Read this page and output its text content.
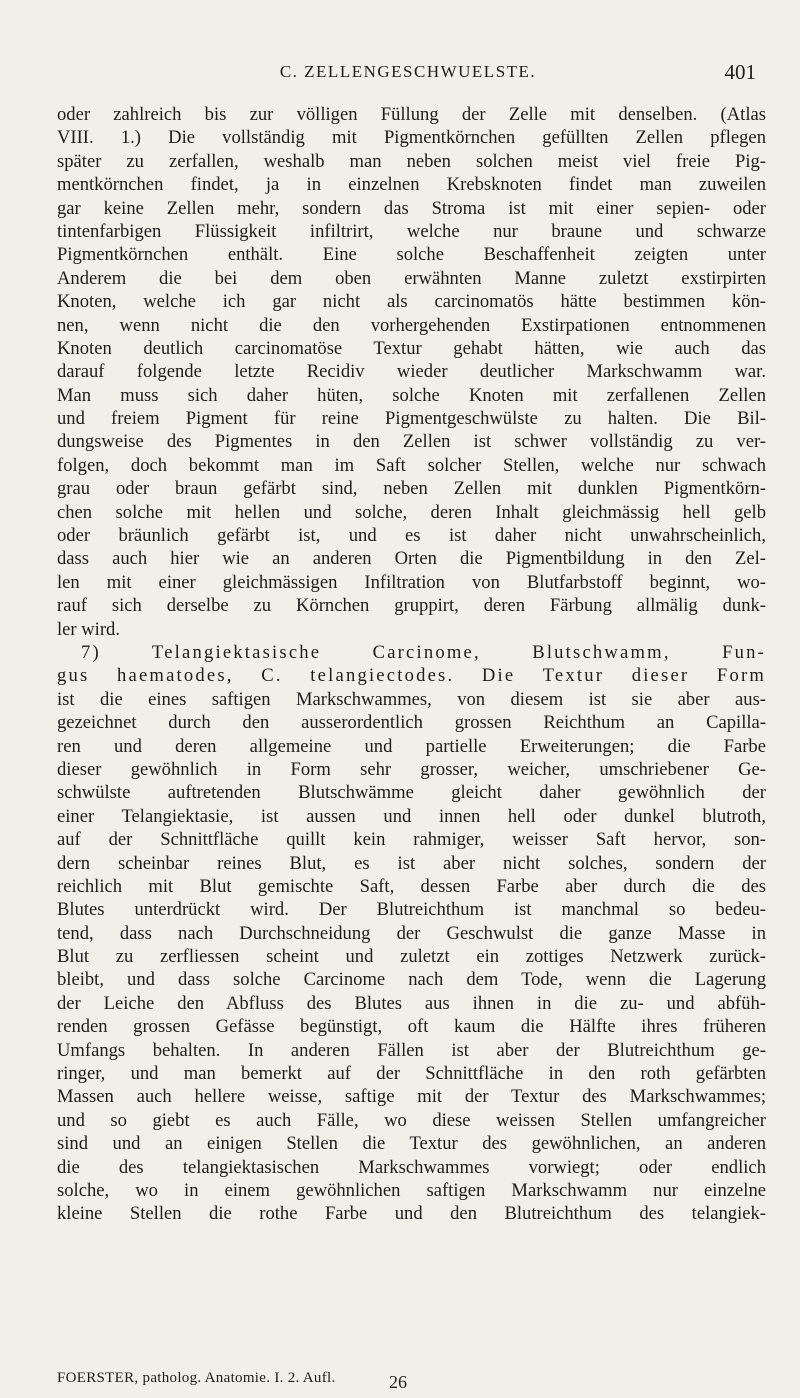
C. ZELLENGESCHWUELSTE.	401
oder zahlreich bis zur völligen Füllung der Zelle mit denselben. (Atlas
VIII. 1.) Die vollständig mit Pigmentkörnchen gefüllten Zellen pflegen
später zu zerfallen, weshalb man neben solchen meist viel freie Pig-
mentkörnchen findet, ja in einzelnen Krebsknoten findet man zuweilen
gar keine Zellen mehr, sondern das Stroma ist mit einer sepien- oder
tintenfarbigen Flüssigkeit infiltrirt, welche nur braune und schwarze
Pigmentkörnchen enthält. Eine solche Beschaffenheit zeigten unter
Anderem die bei dem oben erwähnten Manne zuletzt exstirpirten
Knoten, welche ich gar nicht als carcinomatös hätte bestimmen kön-
nen, wenn nicht die den vorhergehenden Exstirpationen entnommenen
Knoten deutlich carcinomatöse Textur gehabt hätten, wie auch das
darauf folgende letzte Recidiv wieder deutlicher Markschwamm war.
Man muss sich daher hüten, solche Knoten mit zerfallenen Zellen
und freiem Pigment für reine Pigmentgeschwülste zu halten. Die Bil-
dungsweise des Pigmentes in den Zellen ist schwer vollständig zu ver-
folgen, doch bekommt man im Saft solcher Stellen, welche nur schwach
grau oder braun gefärbt sind, neben Zellen mit dunklen Pigmentkörn-
chen solche mit hellen und solche, deren Inhalt gleichmässig hell gelb
oder bräunlich gefärbt ist, und es ist daher nicht unwahrscheinlich,
dass auch hier wie an anderen Orten die Pigmentbildung in den Zel-
len mit einer gleichmässigen Infiltration von Blutfarbstoff beginnt, wo-
rauf sich derselbe zu Körnchen gruppirt, deren Färbung allmälig dunk-
ler wird.
7) Telangiektasische Carcinome, Blutschwamm, Fun-
gus haematodes, C. telangiectodes. Die Textur dieser Form
ist die eines saftigen Markschwammes, von diesem ist sie aber aus-
gezeichnet durch den ausserordentlich grossen Reichthum an Capilla-
ren und deren allgemeine und partielle Erweiterungen; die Farbe
dieser gewöhnlich in Form sehr grosser, weicher, umschriebener Ge-
schwülste auftretenden Blutschwämme gleicht daher gewöhnlich der
einer Telangiektasie, ist aussen und innen hell oder dunkel blutroth,
auf der Schnittfläche quillt kein rahmiger, weisser Saft hervor, son-
dern scheinbar reines Blut, es ist aber nicht solches, sondern der
reichlich mit Blut gemischte Saft, dessen Farbe aber durch die des
Blutes unterdrückt wird. Der Blutreichthum ist manchmal so bedeu-
tend, dass nach Durchschneidung der Geschwulst die ganze Masse in
Blut zu zerfliessen scheint und zuletzt ein zottiges Netzwerk zurück-
bleibt, und dass solche Carcinome nach dem Tode, wenn die Lagerung
der Leiche den Abfluss des Blutes aus ihnen in die zu- und abfüh-
renden grossen Gefässe begünstigt, oft kaum die Hälfte ihres früheren
Umfangs behalten. In anderen Fällen ist aber der Blutreichthum ge-
ringer, und man bemerkt auf der Schnittfläche in den roth gefärbten
Massen auch hellere weisse, saftige mit der Textur des Markschwammes;
und so giebt es auch Fälle, wo diese weissen Stellen umfangreicher
sind und an einigen Stellen die Textur des gewöhnlichen, an anderen
die des telangiektasischen Markschwammes vorwiegt; oder endlich
solche, wo in einem gewöhnlichen saftigen Markschwamm nur einzelne
kleine Stellen die rothe Farbe und den Blutreichthum des telangiek-
FOERSTER, patholog. Anatomie. I. 2. Aufl.	26
